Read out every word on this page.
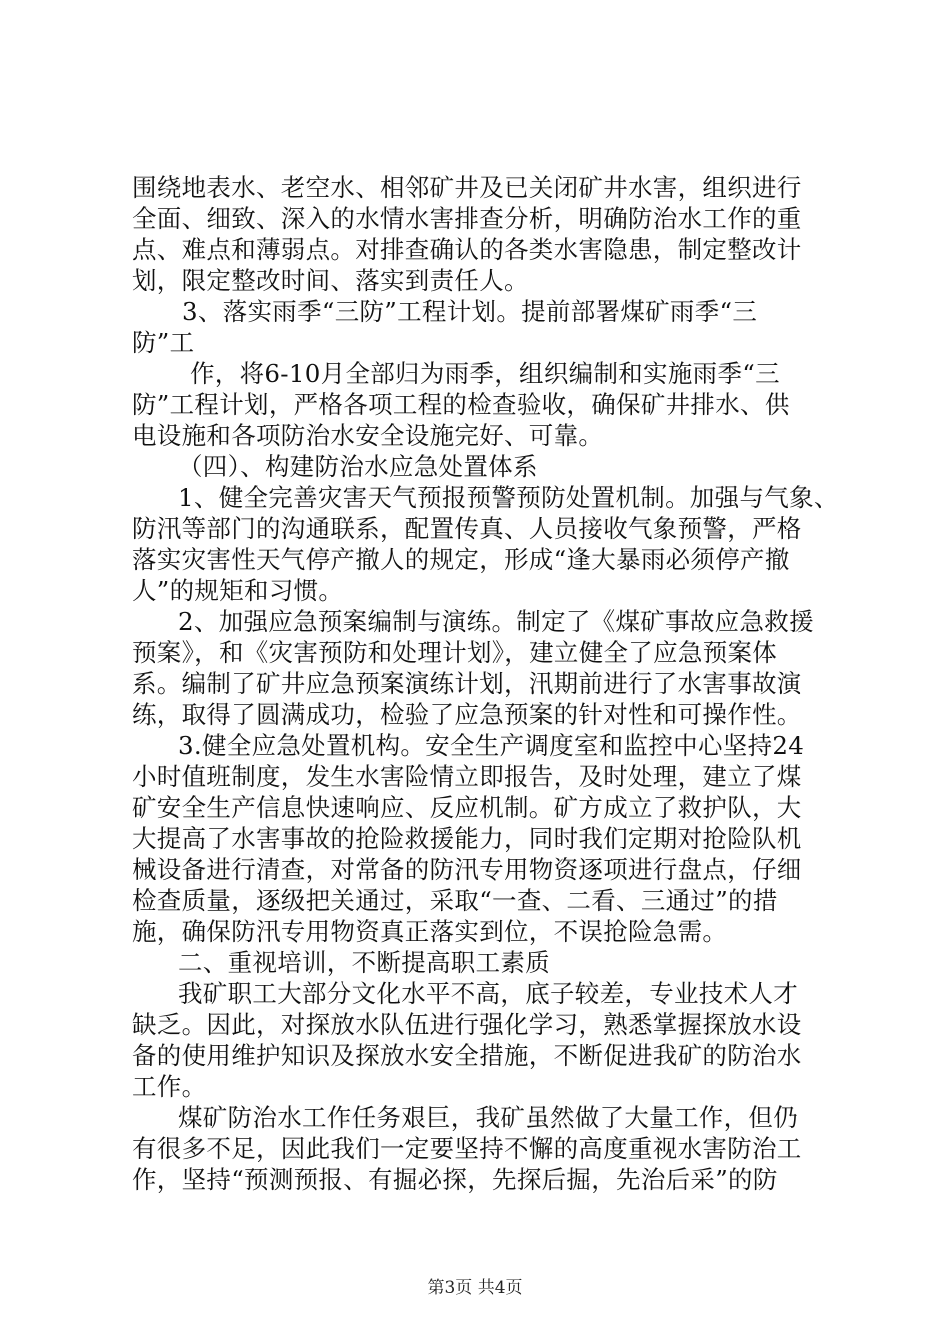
围绕地表水、老空水、相邻矿井及已关闭矿井水害，组织进行
全面、细致、深入的水情水害排查分析，明确防治水工作的重
点、难点和薄弱点。对排查确认的各类水害隐患，制定整改计
划，限定整改时间、落实到责任人。
3、落实雨季“三防”工程计划。提前部署煤矿雨季“三
防”工
作，将6-10月全部归为雨季，组织编制和实施雨季“三
防”工程计划，严格各项工程的检查验收，确保矿井排水、供
电设施和各项防治水安全设施完好、可靠。
（四）、构建防治水应急处置体系
1、健全完善灾害天气预报预警预防处置机制。加强与气象、
防汛等部门的沟通联系，配置传真、人员接收气象预警，严格
落实灾害性天气停产撤人的规定，形成“逢大暴雨必须停产撤
人”的规矩和习惯。
2、加强应急预案编制与演练。制定了《煤矿事故应急救援
预案》，和《灾害预防和处理计划》，建立健全了应急预案体
系。编制了矿井应急预案演练计划，汛期前进行了水害事故演
练，取得了圆满成功，检验了应急预案的针对性和可操作性。
3.健全应急处置机构。安全生产调度室和监控中心坚持24
小时值班制度，发生水害险情立即报告，及时处理，建立了煤
矿安全生产信息快速响应、反应机制。矿方成立了救护队，大
大提高了水害事故的抢险救援能力，同时我们定期对抢险队机
械设备进行清查，对常备的防汛专用物资逐项进行盘点，仔细
检查质量，逐级把关通过，采取“一查、二看、三通过”的措
施，确保防汛专用物资真正落实到位，不误抢险急需。
二、重视培训，不断提高职工素质
我矿职工大部分文化水平不高，底子较差，专业技术人才
缺乏。因此，对探放水队伍进行强化学习，熟悉掌握探放水设
备的使用维护知识及探放水安全措施，不断促进我矿的防治水
工作。
煤矿防治水工作任务艰巨，我矿虽然做了大量工作，但仍
有很多不足，因此我们一定要坚持不懈的高度重视水害防治工
作，坚持“预测预报、有掘必探，先探后掘，先治后采”的防
第3页 共4页
